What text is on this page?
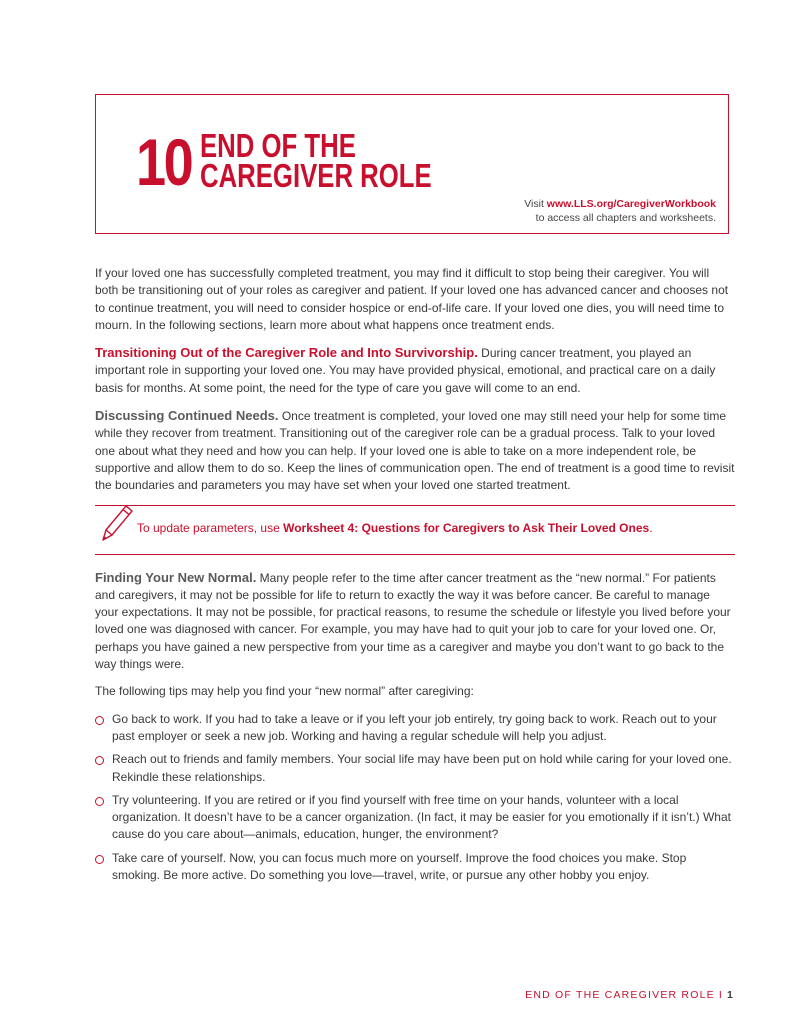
10 END OF THE
CAREGIVER ROLE
Visit www.LLS.org/CaregiverWorkbook
to access all chapters and worksheets.

If your loved one has successfully completed treatment, you may find it difficult to stop being their caregiver. You will both be transitioning out of your roles as caregiver and patient. If your loved one has advanced cancer and chooses not to continue treatment, you will need to consider hospice or end-of-life care. If your loved one dies, you will need time to mourn. In the following sections, learn more about what happens once treatment ends.

Transitioning Out of the Caregiver Role and Into Survivorship. During cancer treatment, you played an important role in supporting your loved one. You may have provided physical, emotional, and practical care on a daily basis for months. At some point, the need for the type of care you gave will come to an end.

Discussing Continued Needs. Once treatment is completed, your loved one may still need your help for some time while they recover from treatment. Transitioning out of the caregiver role can be a gradual process. Talk to your loved one about what they need and how you can help. If your loved one is able to take on a more independent role, be supportive and allow them to do so. Keep the lines of communication open. The end of treatment is a good time to revisit the boundaries and parameters you may have set when your loved one started treatment.

To update parameters, use Worksheet 4: Questions for Caregivers to Ask Their Loved Ones.

Finding Your New Normal. Many people refer to the time after cancer treatment as the “new normal.” For patients and caregivers, it may not be possible for life to return to exactly the way it was before cancer. Be careful to manage your expectations. It may not be possible, for practical reasons, to resume the schedule or lifestyle you lived before your loved one was diagnosed with cancer. For example, you may have had to quit your job to care for your loved one. Or, perhaps you have gained a new perspective from your time as a caregiver and maybe you don’t want to go back to the way things were.

The following tips may help you find your “new normal” after caregiving:

Go back to work. If you had to take a leave or if you left your job entirely, try going back to work. Reach out to your past employer or seek a new job. Working and having a regular schedule will help you adjust.
Reach out to friends and family members. Your social life may have been put on hold while caring for your loved one. Rekindle these relationships.
Try volunteering. If you are retired or if you find yourself with free time on your hands, volunteer with a local organization. It doesn’t have to be a cancer organization. (In fact, it may be easier for you emotionally if it isn’t.) What cause do you care about—animals, education, hunger, the environment?
Take care of yourself. Now, you can focus much more on yourself. Improve the food choices you make. Stop smoking. Be more active. Do something you love—travel, write, or pursue any other hobby you enjoy.
END OF THE CAREGIVER ROLE I 1
